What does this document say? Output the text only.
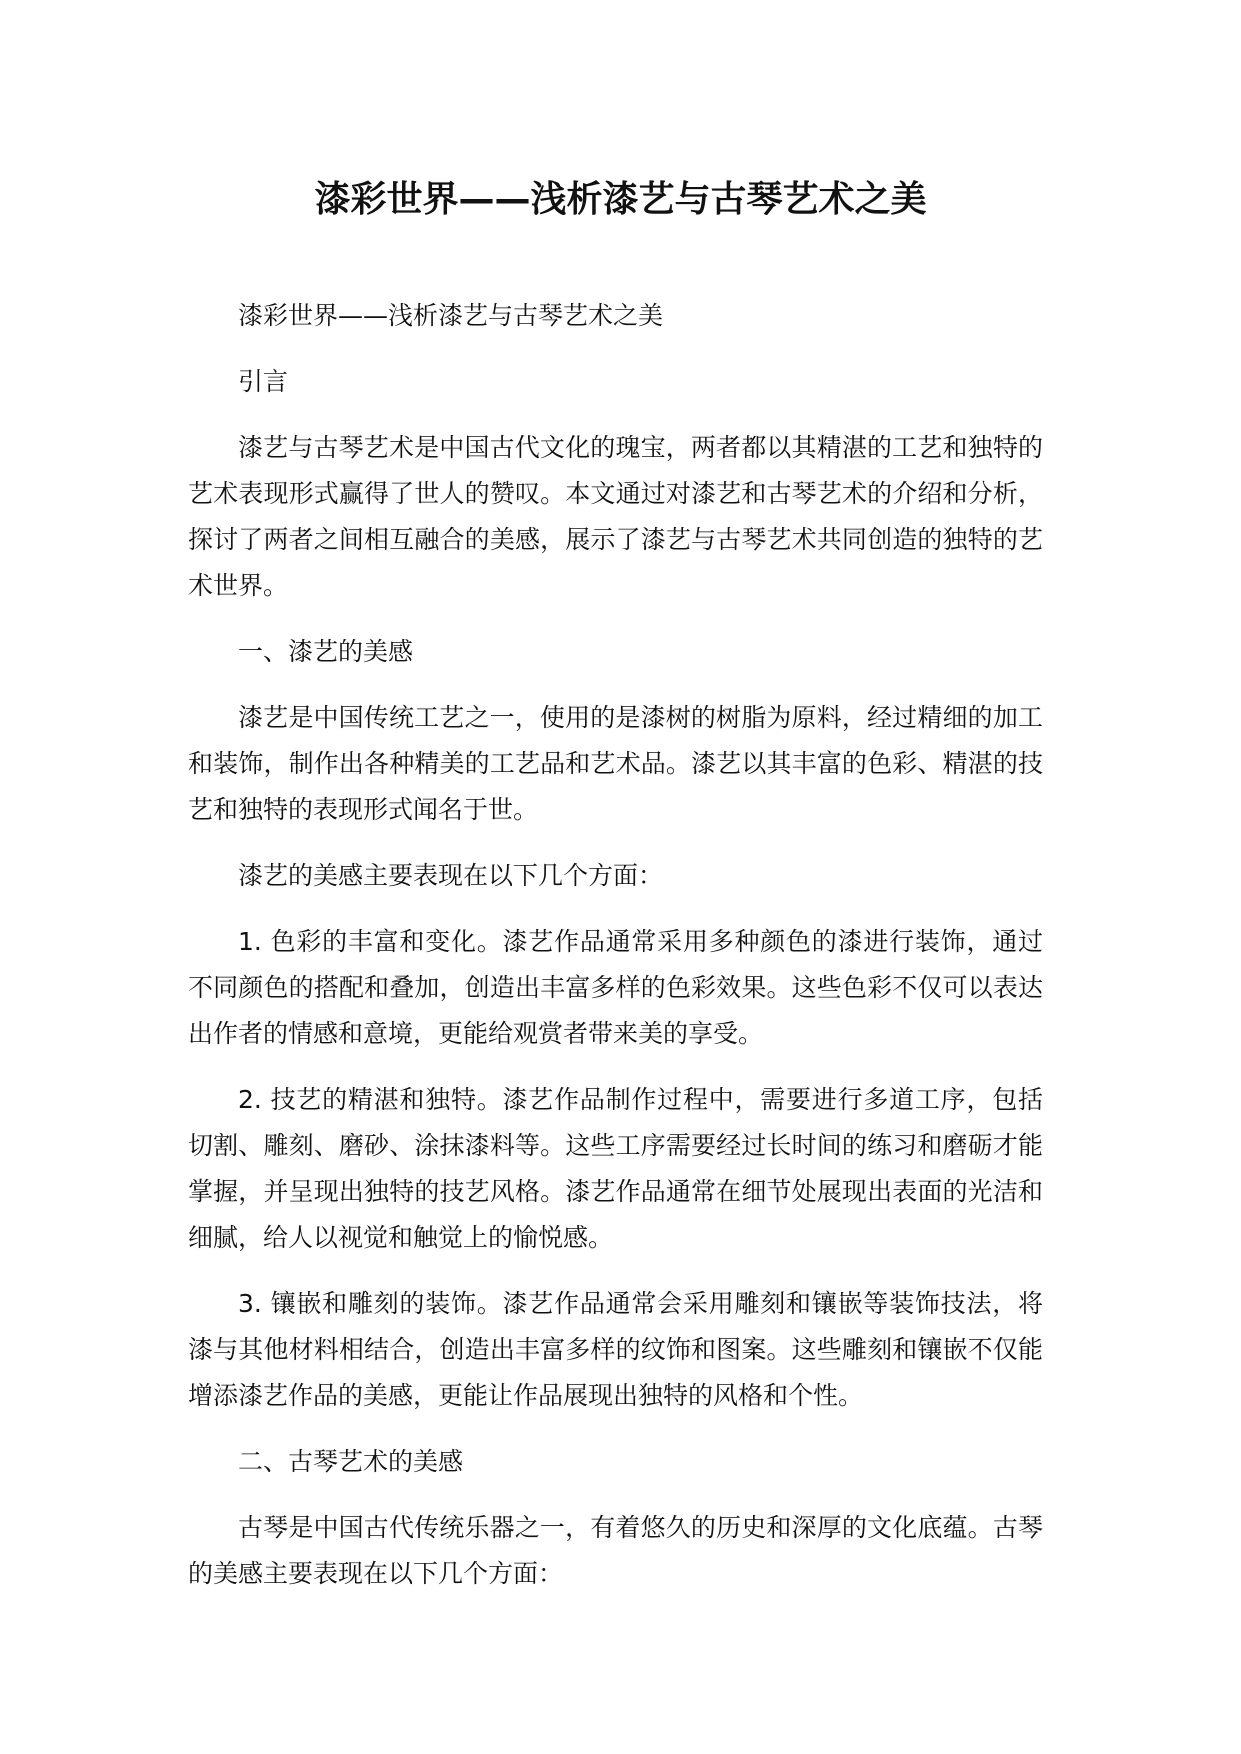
漆彩世界——浅析漆艺与古琴艺术之美

漆彩世界——浅析漆艺与古琴艺术之美

引言

漆艺与古琴艺术是中国古代文化的瑰宝，两者都以其精湛的工艺和独特的艺术表现形式赢得了世人的赞叹。本文通过对漆艺和古琴艺术的介绍和分析，探讨了两者之间相互融合的美感，展示了漆艺与古琴艺术共同创造的独特的艺术世界。

一、漆艺的美感

漆艺是中国传统工艺之一，使用的是漆树的树脂为原料，经过精细的加工和装饰，制作出各种精美的工艺品和艺术品。漆艺以其丰富的色彩、精湛的技艺和独特的表现形式闻名于世。

漆艺的美感主要表现在以下几个方面：

1. 色彩的丰富和变化。漆艺作品通常采用多种颜色的漆进行装饰，通过不同颜色的搭配和叠加，创造出丰富多样的色彩效果。这些色彩不仅可以表达出作者的情感和意境，更能给观赏者带来美的享受。

2. 技艺的精湛和独特。漆艺作品制作过程中，需要进行多道工序，包括切割、雕刻、磨砂、涂抹漆料等。这些工序需要经过长时间的练习和磨砺才能掌握，并呈现出独特的技艺风格。漆艺作品通常在细节处展现出表面的光洁和细腻，给人以视觉和触觉上的愉悦感。

3. 镶嵌和雕刻的装饰。漆艺作品通常会采用雕刻和镶嵌等装饰技法，将漆与其他材料相结合，创造出丰富多样的纹饰和图案。这些雕刻和镶嵌不仅能增添漆艺作品的美感，更能让作品展现出独特的风格和个性。

二、古琴艺术的美感

古琴是中国古代传统乐器之一，有着悠久的历史和深厚的文化底蕴。古琴的美感主要表现在以下几个方面：
